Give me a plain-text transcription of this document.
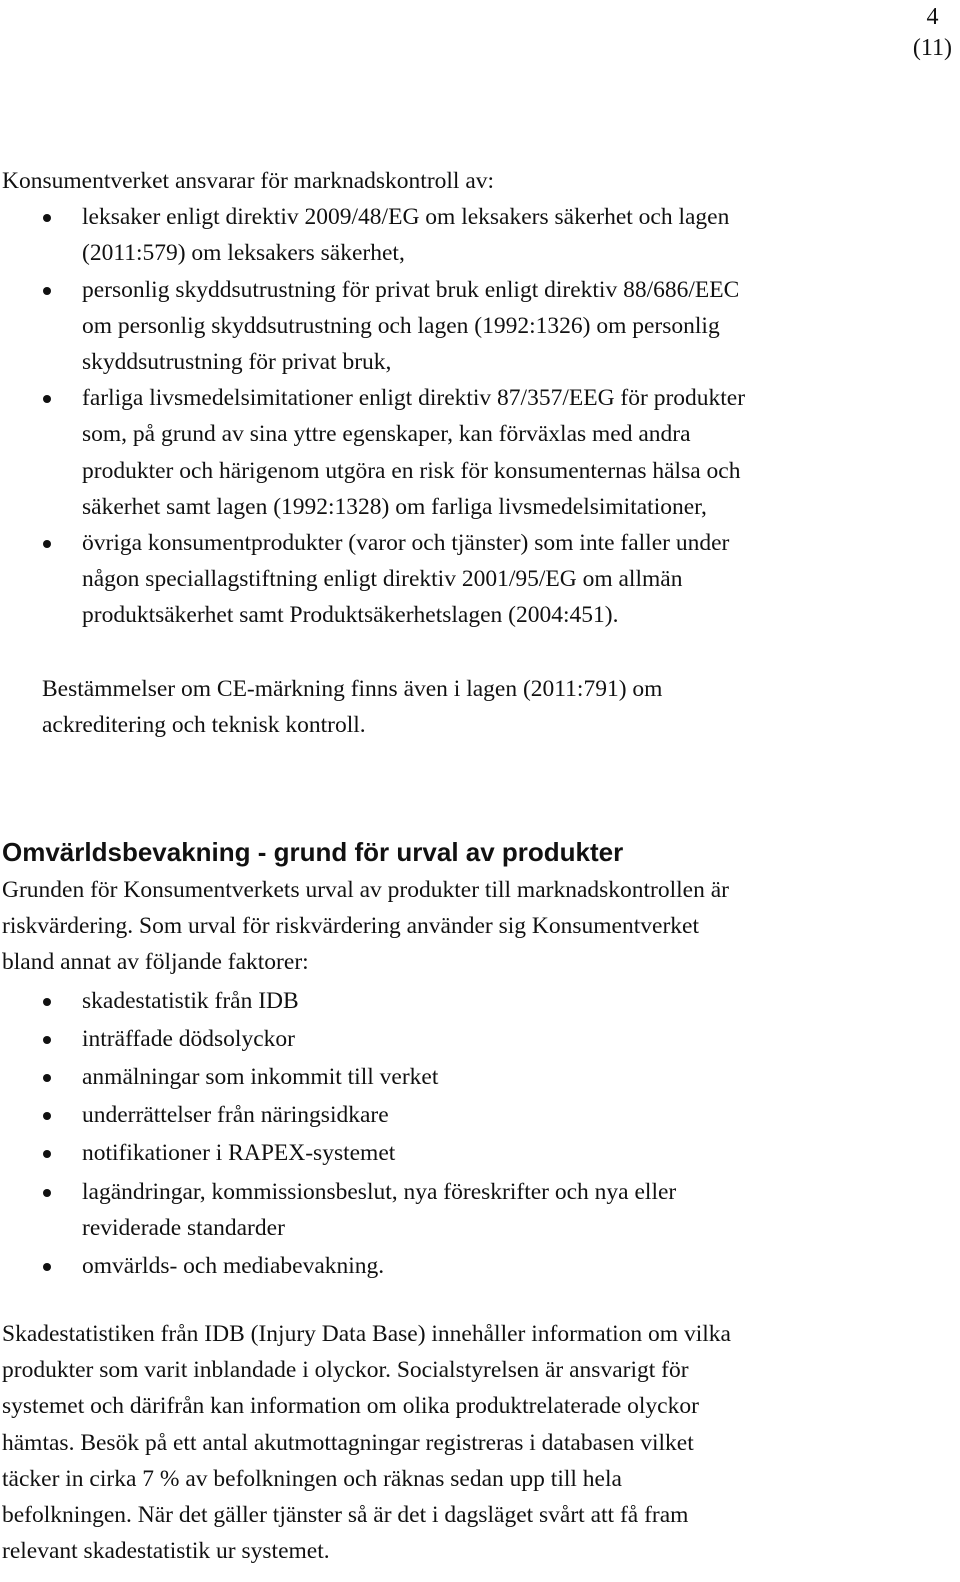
4
(11)

Konsumentverket ansvarar för marknadskontroll av:

leksaker enligt direktiv 2009/48/EG om leksakers säkerhet och lagen
(2011:579) om leksakers säkerhet,
personlig skyddsutrustning för privat bruk enligt direktiv 88/686/EEC
om personlig skyddsutrustning och lagen (1992:1326) om personlig
skyddsutrustning för privat bruk,
farliga livsmedelsimitationer enligt direktiv 87/357/EEG för produkter
som, på grund av sina yttre egenskaper, kan förväxlas med andra
produkter och härigenom utgöra en risk för konsumenternas hälsa och
säkerhet samt lagen (1992:1328) om farliga livsmedelsimitationer,
övriga konsumentprodukter (varor och tjänster) som inte faller under
någon speciallagstiftning enligt direktiv 2001/95/EG om allmän
produktsäkerhet samt Produktsäkerhetslagen (2004:451).
Bestämmelser om CE-märkning finns även i lagen (2011:791) om
ackreditering och teknisk kontroll.
Omvärldsbevakning - grund för urval av produkter
Grunden för Konsumentverkets urval av produkter till marknadskontrollen är
riskvärdering. Som urval för riskvärdering använder sig Konsumentverket
bland annat av följande faktorer:
skadestatistik från IDB
inträffade dödsolyckor
anmälningar som inkommit till verket
underrättelser från näringsidkare
notifikationer i RAPEX-systemet
lagändringar, kommissionsbeslut, nya föreskrifter och nya eller
reviderade standarder
omvärlds- och mediabevakning.
Skadestatistiken från IDB (Injury Data Base) innehåller information om vilka
produkter som varit inblandade i olyckor. Socialstyrelsen är ansvarigt för
systemet och därifrån kan information om olika produktrelaterade olyckor
hämtas. Besök på ett antal akutmottagningar registreras i databasen vilket
täcker in cirka 7 % av befolkningen och räknas sedan upp till hela
befolkningen. När det gäller tjänster så är det i dagsläget svårt att få fram
relevant skadestatistik ur systemet.
